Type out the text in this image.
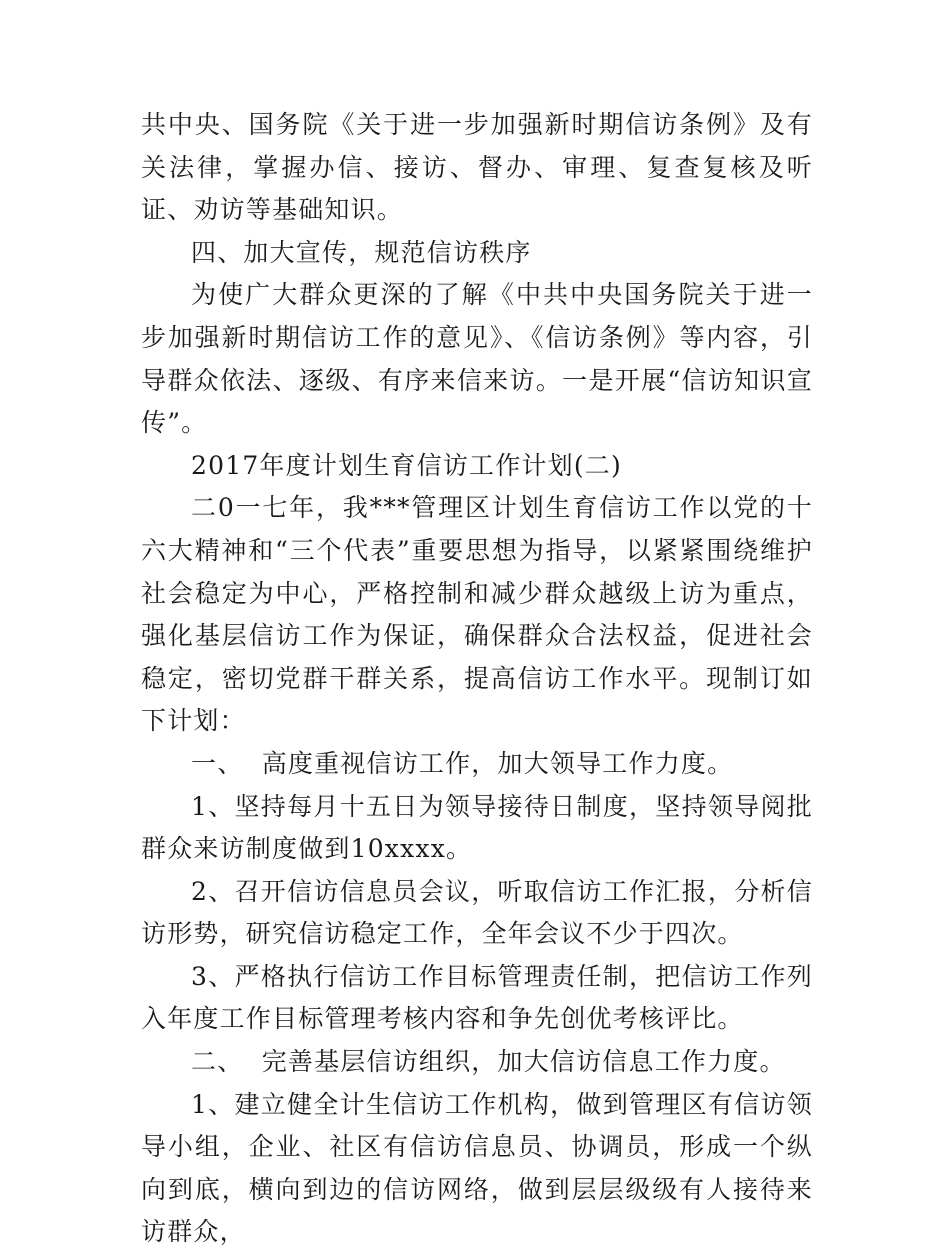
共中央、国务院《关于进一步加强新时期信访条例》及有关法律，掌握办信、接访、督办、审理、复查复核及听证、劝访等基础知识。

四、加大宣传，规范信访秩序

为使广大群众更深的了解《中共中央国务院关于进一步加强新时期信访工作的意见》、《信访条例》等内容，引导群众依法、逐级、有序来信来访。一是开展“信访知识宣传”。

2017年度计划生育信访工作计划(二)

二0一七年，我***管理区计划生育信访工作以党的十六大精神和“三个代表”重要思想为指导，以紧紧围绕维护社会稳定为中心，严格控制和减少群众越级上访为重点，强化基层信访工作为保证，确保群众合法权益，促进社会稳定，密切党群干群关系，提高信访工作水平。现制订如下计划：

一、  高度重视信访工作，加大领导工作力度。

1、坚持每月十五日为领导接待日制度，坚持领导阅批群众来访制度做到10xxxx。

2、召开信访信息员会议，听取信访工作汇报，分析信访形势，研究信访稳定工作，全年会议不少于四次。

3、严格执行信访工作目标管理责任制，把信访工作列入年度工作目标管理考核内容和争先创优考核评比。

二、  完善基层信访组织，加大信访信息工作力度。

1、建立健全计生信访工作机构，做到管理区有信访领导小组，企业、社区有信访信息员、协调员，形成一个纵向到底，横向到边的信访网络，做到层层级级有人接待来访群众，
